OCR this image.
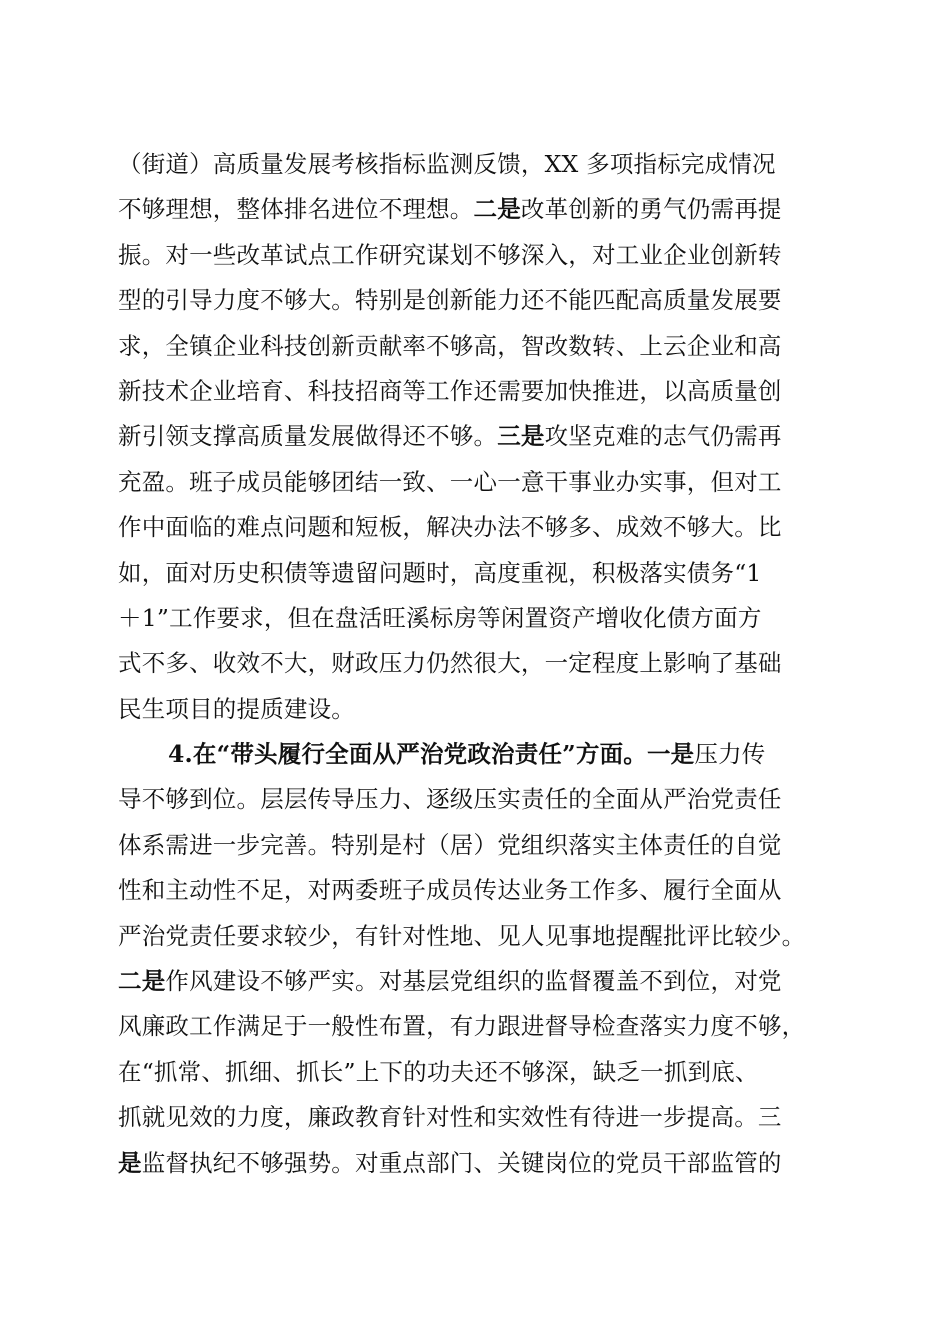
（街道）高质量发展考核指标监测反馈，XX 多项指标完成情况
不够理想，整体排名进位不理想。二是改革创新的勇气仍需再提
振。对一些改革试点工作研究谋划不够深入，对工业企业创新转
型的引导力度不够大。特别是创新能力还不能匹配高质量发展要
求，全镇企业科技创新贡献率不够高，智改数转、上云企业和高
新技术企业培育、科技招商等工作还需要加快推进，以高质量创
新引领支撑高质量发展做得还不够。三是攻坚克难的志气仍需再
充盈。班子成员能够团结一致、一心一意干事业办实事，但对工
作中面临的难点问题和短板，解决办法不够多、成效不够大。比
如，面对历史积债等遗留问题时，高度重视，积极落实债务“1
＋1”工作要求，但在盘活旺溪标房等闲置资产增收化债方面方
式不多、收效不大，财政压力仍然很大，一定程度上影响了基础
民生项目的提质建设。
4.在“带头履行全面从严治党政治责任”方面。一是压力传
导不够到位。层层传导压力、逐级压实责任的全面从严治党责任
体系需进一步完善。特别是村（居）党组织落实主体责任的自觉
性和主动性不足，对两委班子成员传达业务工作多、履行全面从
严治党责任要求较少，有针对性地、见人见事地提醒批评比较少。
二是作风建设不够严实。对基层党组织的监督覆盖不到位，对党
风廉政工作满足于一般性布置，有力跟进督导检查落实力度不够，
在“抓常、抓细、抓长”上下的功夫还不够深，缺乏一抓到底、
抓就见效的力度，廉政教育针对性和实效性有待进一步提高。三
是监督执纪不够强势。对重点部门、关键岗位的党员干部监管的
